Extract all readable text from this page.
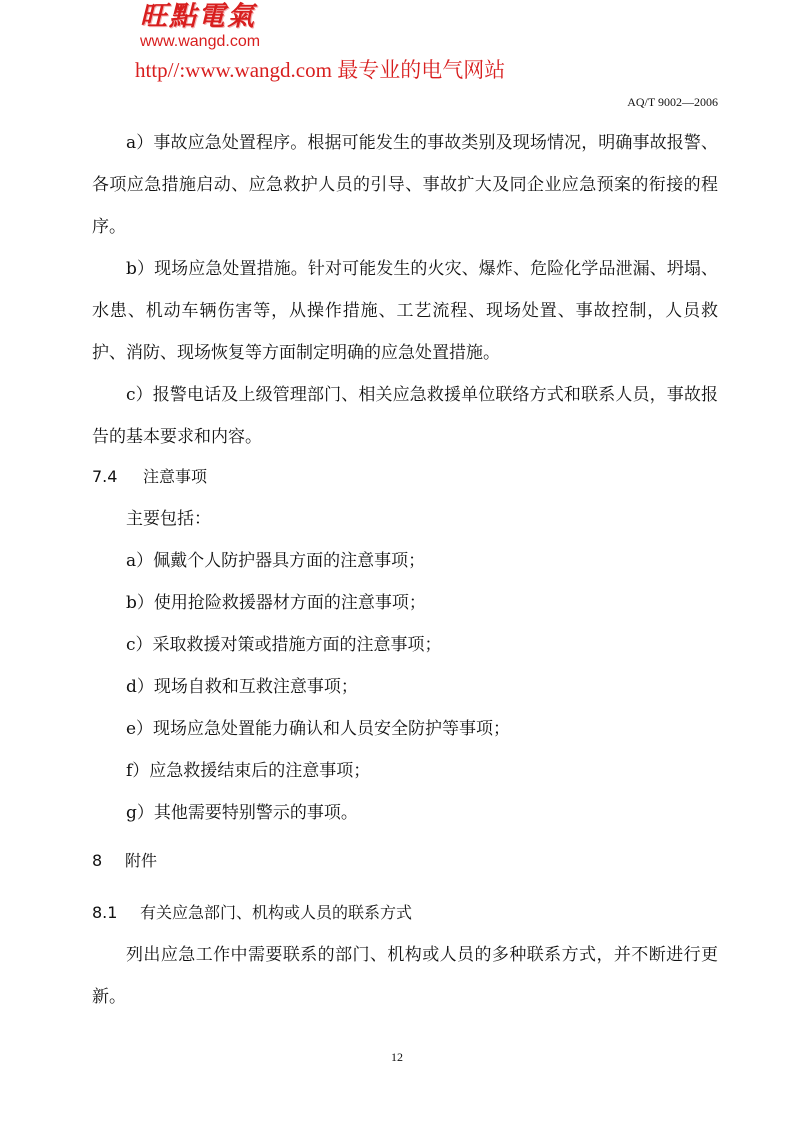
旺點電氣
www.wangd.com
http//:www.wangd.com 最专业的电气网站
AQ/T 9002—2006

a）事故应急处置程序。根据可能发生的事故类别及现场情况，明确事故报警、各项应急措施启动、应急救护人员的引导、事故扩大及同企业应急预案的衔接的程序。

b）现场应急处置措施。针对可能发生的火灾、爆炸、危险化学品泄漏、坍塌、水患、机动车辆伤害等，从操作措施、工艺流程、现场处置、事故控制，人员救护、消防、现场恢复等方面制定明确的应急处置措施。

c）报警电话及上级管理部门、相关应急救援单位联络方式和联系人员，事故报告的基本要求和内容。

7.4 注意事项

主要包括：

a）佩戴个人防护器具方面的注意事项；

b）使用抢险救援器材方面的注意事项；

c）采取救援对策或措施方面的注意事项；

d）现场自救和互救注意事项；

e）现场应急处置能力确认和人员安全防护等事项；

f）应急救援结束后的注意事项；

g）其他需要特别警示的事项。

8 附件
8.1 有关应急部门、机构或人员的联系方式

列出应急工作中需要联系的部门、机构或人员的多种联系方式，并不断进行更新。

12
